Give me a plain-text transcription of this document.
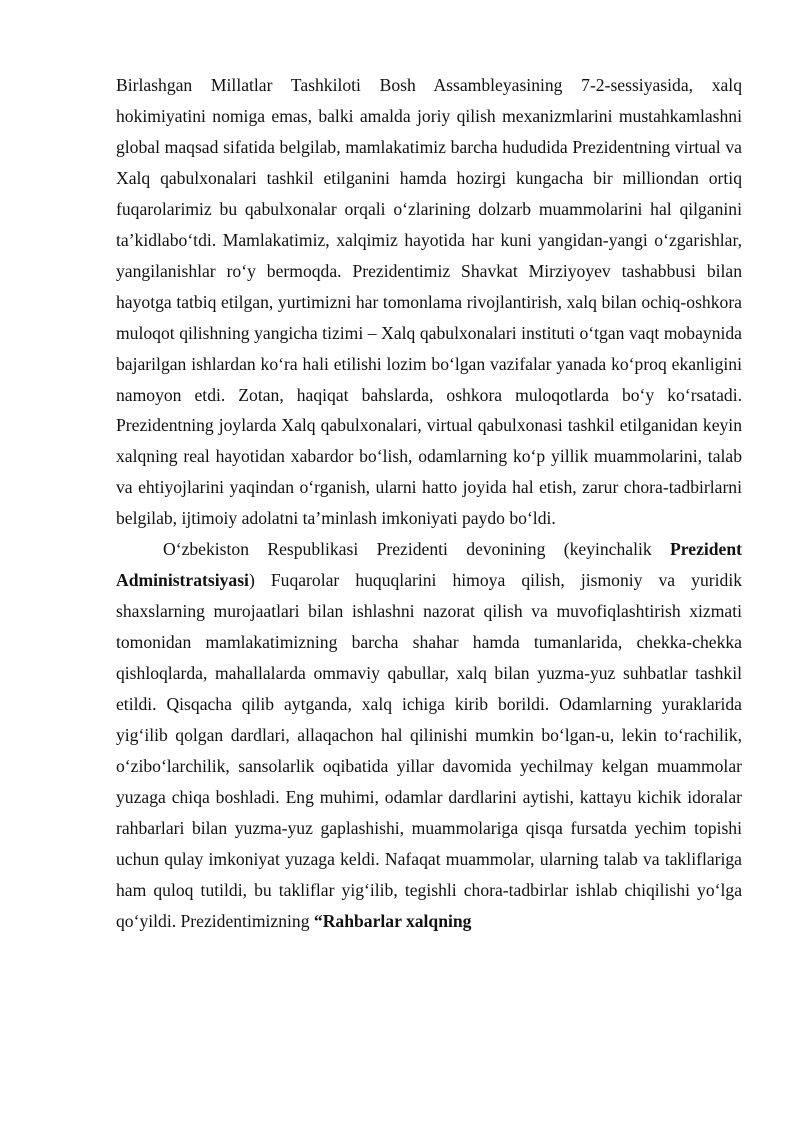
Birlashgan Millatlar Tashkiloti Bosh Assambleyasining 7-2-sessiyasida, xalq hokimiyatini nomiga emas, balki amalda joriy qilish mexanizmlarini mustahkamlashni global maqsad sifatida belgilab, mamlakatimiz barcha hududida Prezidentning virtual va Xalq qabulxonalari tashkil etilganini hamda hozirgi kungacha bir milliondan ortiq fuqarolarimiz bu qabulxonalar orqali o‘zlarining dolzarb muammolarini hal qilganini ta’kidlabo‘tdi. Mamlakatimiz, xalqimiz hayotida har kuni yangidan-yangi o‘zgarishlar, yangilanishlar ro‘y bermoqda. Prezidentimiz Shavkat Mirziyoyev tashabbusi bilan hayotga tatbiq etilgan, yurtimizni har tomonlama rivojlantirish, xalq bilan ochiq-oshkora muloqot qilishning yangicha tizimi – Xalq qabulxonalari instituti o‘tgan vaqt mobaynida bajarilgan ishlardan ko‘ra hali etilishi lozim bo‘lgan vazifalar yanada ko‘proq ekanligini namoyon etdi. Zotan, haqiqat bahslarda, oshkora muloqotlarda bo‘y ko‘rsatadi. Prezidentning joylarda Xalq qabulxonalari, virtual qabulxonasi tashkil etilganidan keyin xalqning real hayotidan xabardor bo‘lish, odamlarning ko‘p yillik muammolarini, talab va ehtiyojlarini yaqindan o‘rganish, ularni hatto joyida hal etish, zarur chora-tadbirlarni belgilab, ijtimoiy adolatni ta’minlash imkoniyati paydo bo‘ldi.

O‘zbekiston Respublikasi Prezidenti devonining (keyinchalik Prezident Administratsiyasi) Fuqarolar huquqlarini himoya qilish, jismoniy va yuridik shaxslarning murojaatlari bilan ishlashni nazorat qilish va muvofiqlashtirish xizmati tomonidan mamlakatimizning barcha shahar hamda tumanlarida, chekka-chekka qishloqlarda, mahallalarda ommaviy qabullar, xalq bilan yuzma-yuz suhbatlar tashkil etildi. Qisqacha qilib aytganda, xalq ichiga kirib borildi. Odamlarning yuraklarida yig‘ilib qolgan dardlari, allaqachon hal qilinishi mumkin bo‘lgan-u, lekin to‘rachilik, o‘zibo‘larchilik, sansolarlik oqibatida yillar davomida yechilmay kelgan muammolar yuzaga chiqa boshladi. Eng muhimi, odamlar dardlarini aytishi, kattayu kichik idoralar rahbarlari bilan yuzma-yuz gaplashishi, muammolariga qisqa fursatda yechim topishi uchun qulay imkoniyat yuzaga keldi. Nafaqat muammolar, ularning talab va takliflariga ham quloq tutildi, bu takliflar yig‘ilib, tegishli chora-tadbirlar ishlab chiqilishi yo‘lga qo‘yildi. Prezidentimizning “Rahbarlar xalqning
